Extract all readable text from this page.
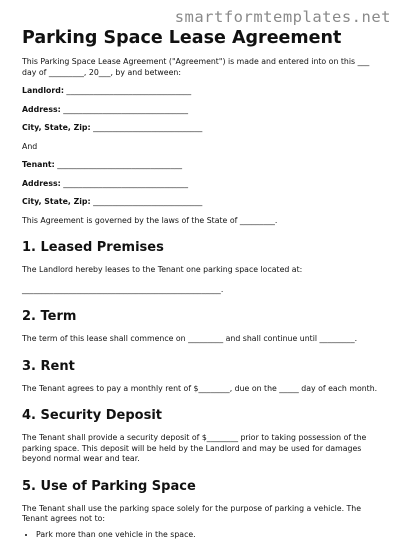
smartformtemplates.net
Parking Space Lease Agreement

This Parking Space Lease Agreement ("Agreement") is made and entered into on this ___ day of _________, 20___, by and between:

Landlord: ________________________________
Address: ________________________________
City, State, Zip: ____________________________

And

Tenant: ________________________________
Address: ________________________________
City, State, Zip: ____________________________

This Agreement is governed by the laws of the State of _________.

1. Leased Premises

The Landlord hereby leases to the Tenant one parking space located at:

___________________________________________________.

2. Term

The term of this lease shall commence on _________ and shall continue until _________.

3. Rent

The Tenant agrees to pay a monthly rent of $________, due on the _____ day of each month.

4. Security Deposit

The Tenant shall provide a security deposit of $________ prior to taking possession of the parking space. This deposit will be held by the Landlord and may be used for damages beyond normal wear and tear.

5. Use of Parking Space

The Tenant shall use the parking space solely for the purpose of parking a vehicle. The Tenant agrees not to:

• Park more than one vehicle in the space.
